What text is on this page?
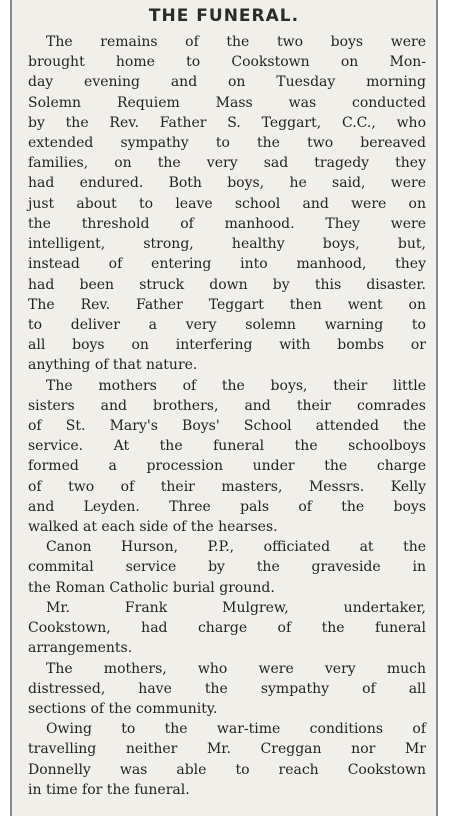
THE FUNERAL.
The remains of the two boys were
brought home to Cookstown on Mon-
day evening and on Tuesday morning
Solemn Requiem Mass was conducted
by the Rev. Father S. Teggart, C.C., who
extended sympathy to the two bereaved
families, on the very sad tragedy they
had endured. Both boys, he said, were
just about to leave school and were on
the threshold of manhood. They were
intelligent, strong, healthy boys, but,
instead of entering into manhood, they
had been struck down by this disaster.
The Rev. Father Teggart then went on
to deliver a very solemn warning to
all boys on interfering with bombs or
anything of that nature.
The mothers of the boys, their little
sisters and brothers, and their comrades
of St. Mary's Boys' School attended the
service. At the funeral the schoolboys
formed a procession under the charge
of two of their masters, Messrs. Kelly
and Leyden. Three pals of the boys
walked at each side of the hearses.
Canon Hurson, P.P., officiated at the
commital service by the graveside in
the Roman Catholic burial ground.
Mr. Frank Mulgrew, undertaker,
Cookstown, had charge of the funeral
arrangements.
The mothers, who were very much
distressed, have the sympathy of all
sections of the community.
Owing to the war-time conditions of
travelling neither Mr. Creggan nor Mr
Donnelly was able to reach Cookstown
in time for the funeral.
